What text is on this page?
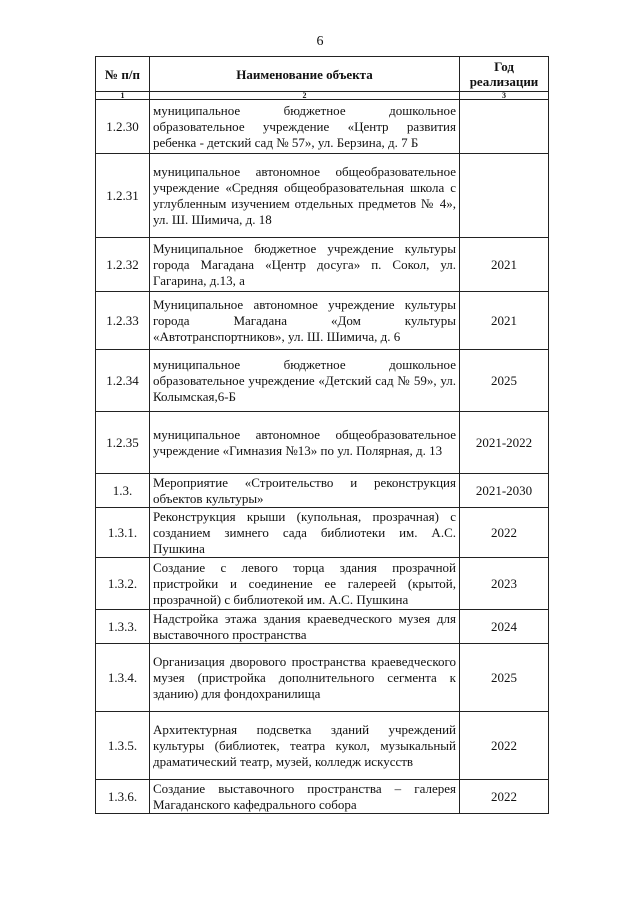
6
№ п/п	Наименование объекта	Год реализации
1	2	3
1.2.30	муниципальное бюджетное дошкольное образовательное учреждение «Центр развития ребенка - детский сад № 57», ул. Берзина, д. 7 Б	
1.2.31	муниципальное автономное общеобразовательное учреждение «Средняя общеобразовательная школа с углубленным изучением отдельных предметов № 4», ул. Ш. Шимича, д. 18	
1.2.32	Муниципальное бюджетное учреждение культуры города Магадана «Центр досуга» п. Сокол, ул. Гагарина, д.13, а	2021
1.2.33	Муниципальное автономное учреждение культуры города Магадана «Дом культуры «Автотранспортников», ул. Ш. Шимича, д. 6	2021
1.2.34	муниципальное бюджетное дошкольное образовательное учреждение «Детский сад № 59», ул. Колымская,6-Б	2025
1.2.35	муниципальное автономное общеобразовательное учреждение «Гимназия №13» по ул. Полярная, д. 13	2021-2022
1.3.	Мероприятие «Строительство и реконструкция объектов культуры»	2021-2030
1.3.1.	Реконструкция крыши (купольная, прозрачная) с созданием зимнего сада библиотеки им. А.С. Пушкина	2022
1.3.2.	Создание с левого торца здания прозрачной пристройки и соединение ее галереей (крытой, прозрачной) с библиотекой им. А.С. Пушкина	2023
1.3.3.	Надстройка этажа здания краеведческого музея для выставочного пространства	2024
1.3.4.	Организация дворового пространства краеведческого музея (пристройка дополнительного сегмента к зданию) для фондохранилища	2025
1.3.5.	Архитектурная подсветка зданий учреждений культуры (библиотек, театра кукол, музыкальный драматический театр, музей, колледж искусств	2022
1.3.6.	Создание выставочного пространства – галерея Магаданского кафедрального собора	2022
